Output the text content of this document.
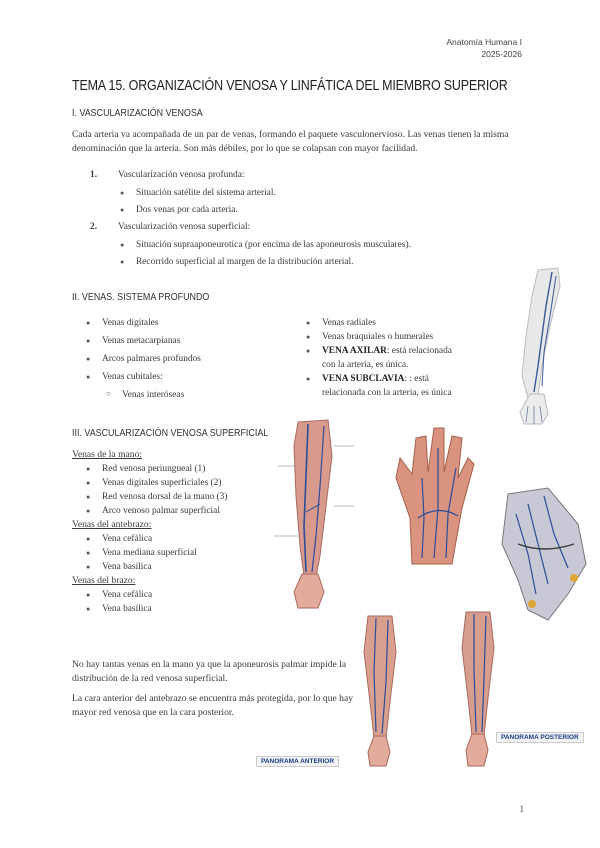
Anatomía Humana I
2025-2026
TEMA 15. ORGANIZACIÓN VENOSA Y LINFÁTICA DEL MIEMBRO SUPERIOR
I. VASCULARIZACIÓN VENOSA
Cada arteria va acompañada de un par de venas, formando el paquete vasculonervioso. Las venas tienen la misma denominación que la arteria. Son más débiles, por lo que se colapsan con mayor facilidad.
1. Vascularización venosa profunda:
● Situación satélite del sistema arterial.
● Dos venas por cada arteria.
2. Vascularización venosa superficial:
● Situación supraaponeurotica (por encima de las aponeurosis musculares).
● Recorrido superficial al margen de la distribución arterial.
II. VENAS. SISTEMA PROFUNDO
● Venas digitales
● Venas metacarpianas
● Arcos palmares profundos
● Venas cubitales:
○ Venas interóseas
● Venas radiales
● Venas braquiales o humerales
● VENA AXILAR: está relacionada con la arteria, es única.
● VENA SUBCLAVIA: : está relacionada con la arteria, es única
III. VASCULARIZACIÓN VENOSA SUPERFICIAL
Venas de la mano:
● Red venosa periungueal (1)
● Venas digitales superficiales (2)
● Red venosa dorsal de la mano (3)
● Arco venoso palmar superficial
Venas del antebrazo:
● Vena cefálica
● Vena mediana superficial
● Vena basílica
Venas del brazo:
● Vena cefálica
● Vena basílica
PANORAMA POSTERIOR
PANORAMA ANTERIOR
No hay tantas venas en la mano ya que la aponeurosis palmar impide la distribución de la red venosa superficial.
La cara anterior del antebrazo se encuentra más protegida, por lo que hay mayor red venosa que en la cara posterior.
1
